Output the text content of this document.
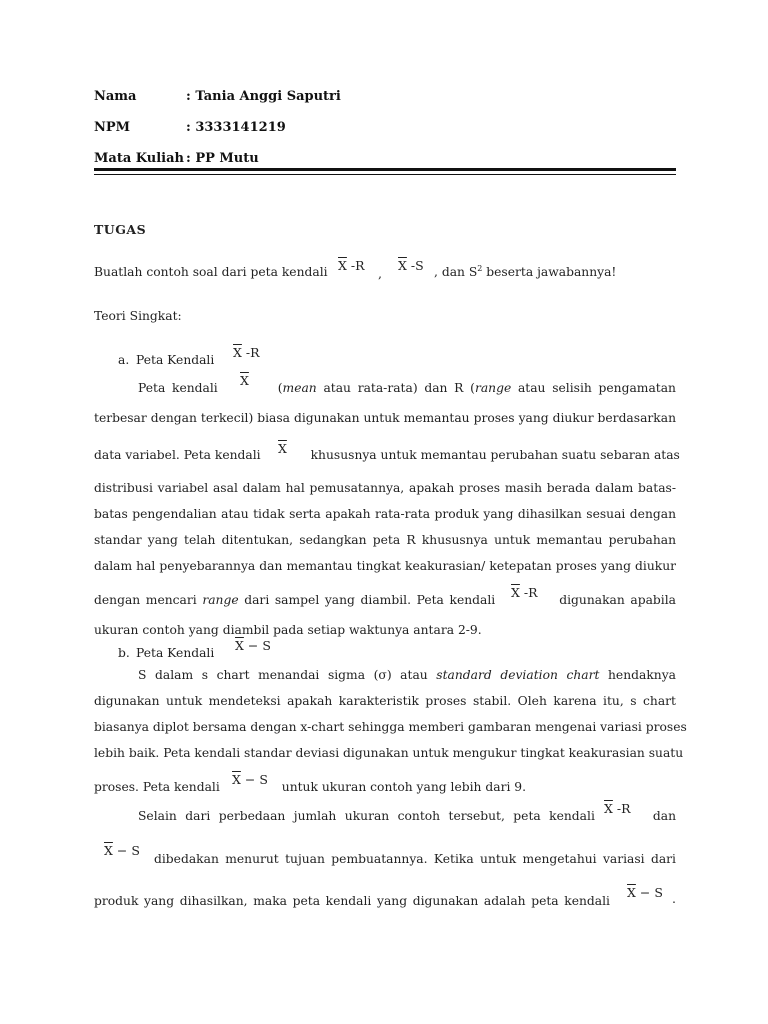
Nama	: Tania Anggi Saputri
NPM	: 3333141219
Mata Kuliah : PP Mutu
TUGAS
Buatlah contoh soal dari peta kendali $\overline{X}$ -R
,
$\overline{X}$ -S , dan $S^2$ beserta jawabannya!
Teori Singkat:
a. Peta Kendali $\overline{X}$ -R
Peta kendali	(mean atau rata-rata) dan R (range atau selisih pengamatan
$\overline{X}$
terbesar dengan terkecil) biasa digunakan untuk memantau proses yang diukur berdasarkan
data variabel. Peta kendali	khususnya untuk memantau perubahan suatu sebaran atas
$\overline{X}$
distribusi variabel asal dalam hal pemusatannya, apakah proses masih berada dalam batas-
batas pengendalian atau tidak serta apakah rata-rata produk yang dihasilkan sesuai dengan
standar yang telah ditentukan, sedangkan peta R khususnya untuk memantau perubahan
dalam hal penyebarannya dan memantau tingkat keakurasian/ ketepatan proses yang diukur
dengan mencari range dari sampel yang diambil. Peta kendali	digunakan apabila
$\overline{X}$ -R
ukuran contoh yang diambil pada setiap waktunya antara 2-9.
b. Peta Kendali $\overline{X} - S$
S dalam s chart menandai sigma (σ) atau standard deviation chart hendaknya
digunakan untuk mendeteksi apakah karakteristik proses stabil. Oleh karena itu, s chart
biasanya diplot bersama dengan x-chart sehingga memberi gambaran mengenai variasi proses
lebih baik. Peta kendali standar deviasi digunakan untuk mengukur tingkat keakurasian suatu
proses. Peta kendali	untuk ukuran contoh yang lebih dari 9.
$\overline{X} - S$
Selain dari perbedaan jumlah ukuran contoh tersebut, peta kendali	dan
$\overline{X}$ -R
$\overline{X} - S$
dibedakan menurut tujuan pembuatannya. Ketika untuk mengetahui variasi dari
produk yang dihasilkan, maka peta kendali yang digunakan adalah peta kendali
$\overline{X} - S$ .
